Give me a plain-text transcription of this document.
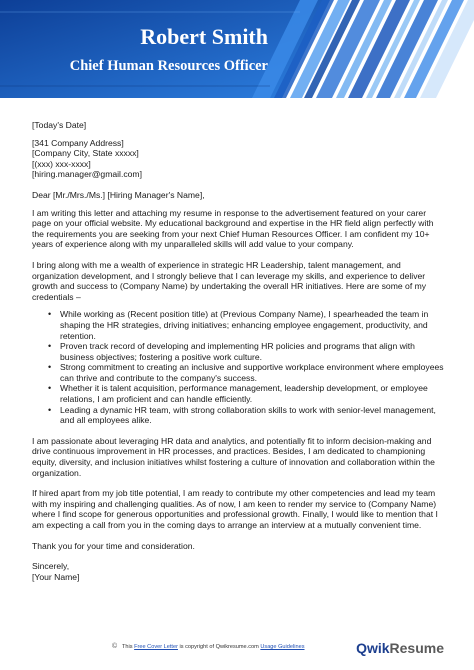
Robert Smith
Chief Human Resources Officer

[Today's Date]

[341 Company Address]
[Company City, State xxxxx]
[(xxx) xxx-xxxx]
[hiring.manager@gmail.com]

Dear [Mr./Mrs./Ms.] [Hiring Manager's Name],

I am writing this letter and attaching my resume in response to the advertisement featured on your carer page on your official website. My educational background and expertise in the HR field align perfectly with the requirements you are seeking from your next Chief Human Resources Officer. I am confident my 10+ years of experience along with my unparalleled skills will add value to your company.

I bring along with me a wealth of experience in strategic HR Leadership, talent management, and organization development, and I strongly believe that I can leverage my skills, and experience to deliver growth and success to (Company Name) by undertaking the overall HR initiatives. Here are some of my credentials –

• While working as (Recent position title) at (Previous Company Name), I spearheaded the team in shaping the HR strategies, driving initiatives; enhancing employee engagement, productivity, and retention.
• Proven track record of developing and implementing HR policies and programs that align with business objectives; fostering a positive work culture.
• Strong commitment to creating an inclusive and supportive workplace environment where employees can thrive and contribute to the company's success.
• Whether it is talent acquisition, performance management, leadership development, or employee relations, I am proficient and can handle efficiently.
• Leading a dynamic HR team, with strong collaboration skills to work with senior-level management, and all employees alike.

I am passionate about leveraging HR data and analytics, and potentially fit to inform decision-making and drive continuous improvement in HR processes, and practices. Besides, I am dedicated to championing equity, diversity, and inclusion initiatives whilst fostering a culture of innovation and collaboration within the organization.

If hired apart from my job title potential, I am ready to contribute my other competencies and lead my team with my inspiring and challenging qualities. As of now, I am keen to render my service to (Company Name) where I find scope for generous opportunities and professional growth. Finally, I would like to mention that I am expecting a call from you in the coming days to arrange an interview at a mutually convenient time.

Thank you for your time and consideration.

Sincerely,

[Your Name]

© This Free Cover Letter is copyright of Qwikresume.com Usage Guidelines	QwikResume
